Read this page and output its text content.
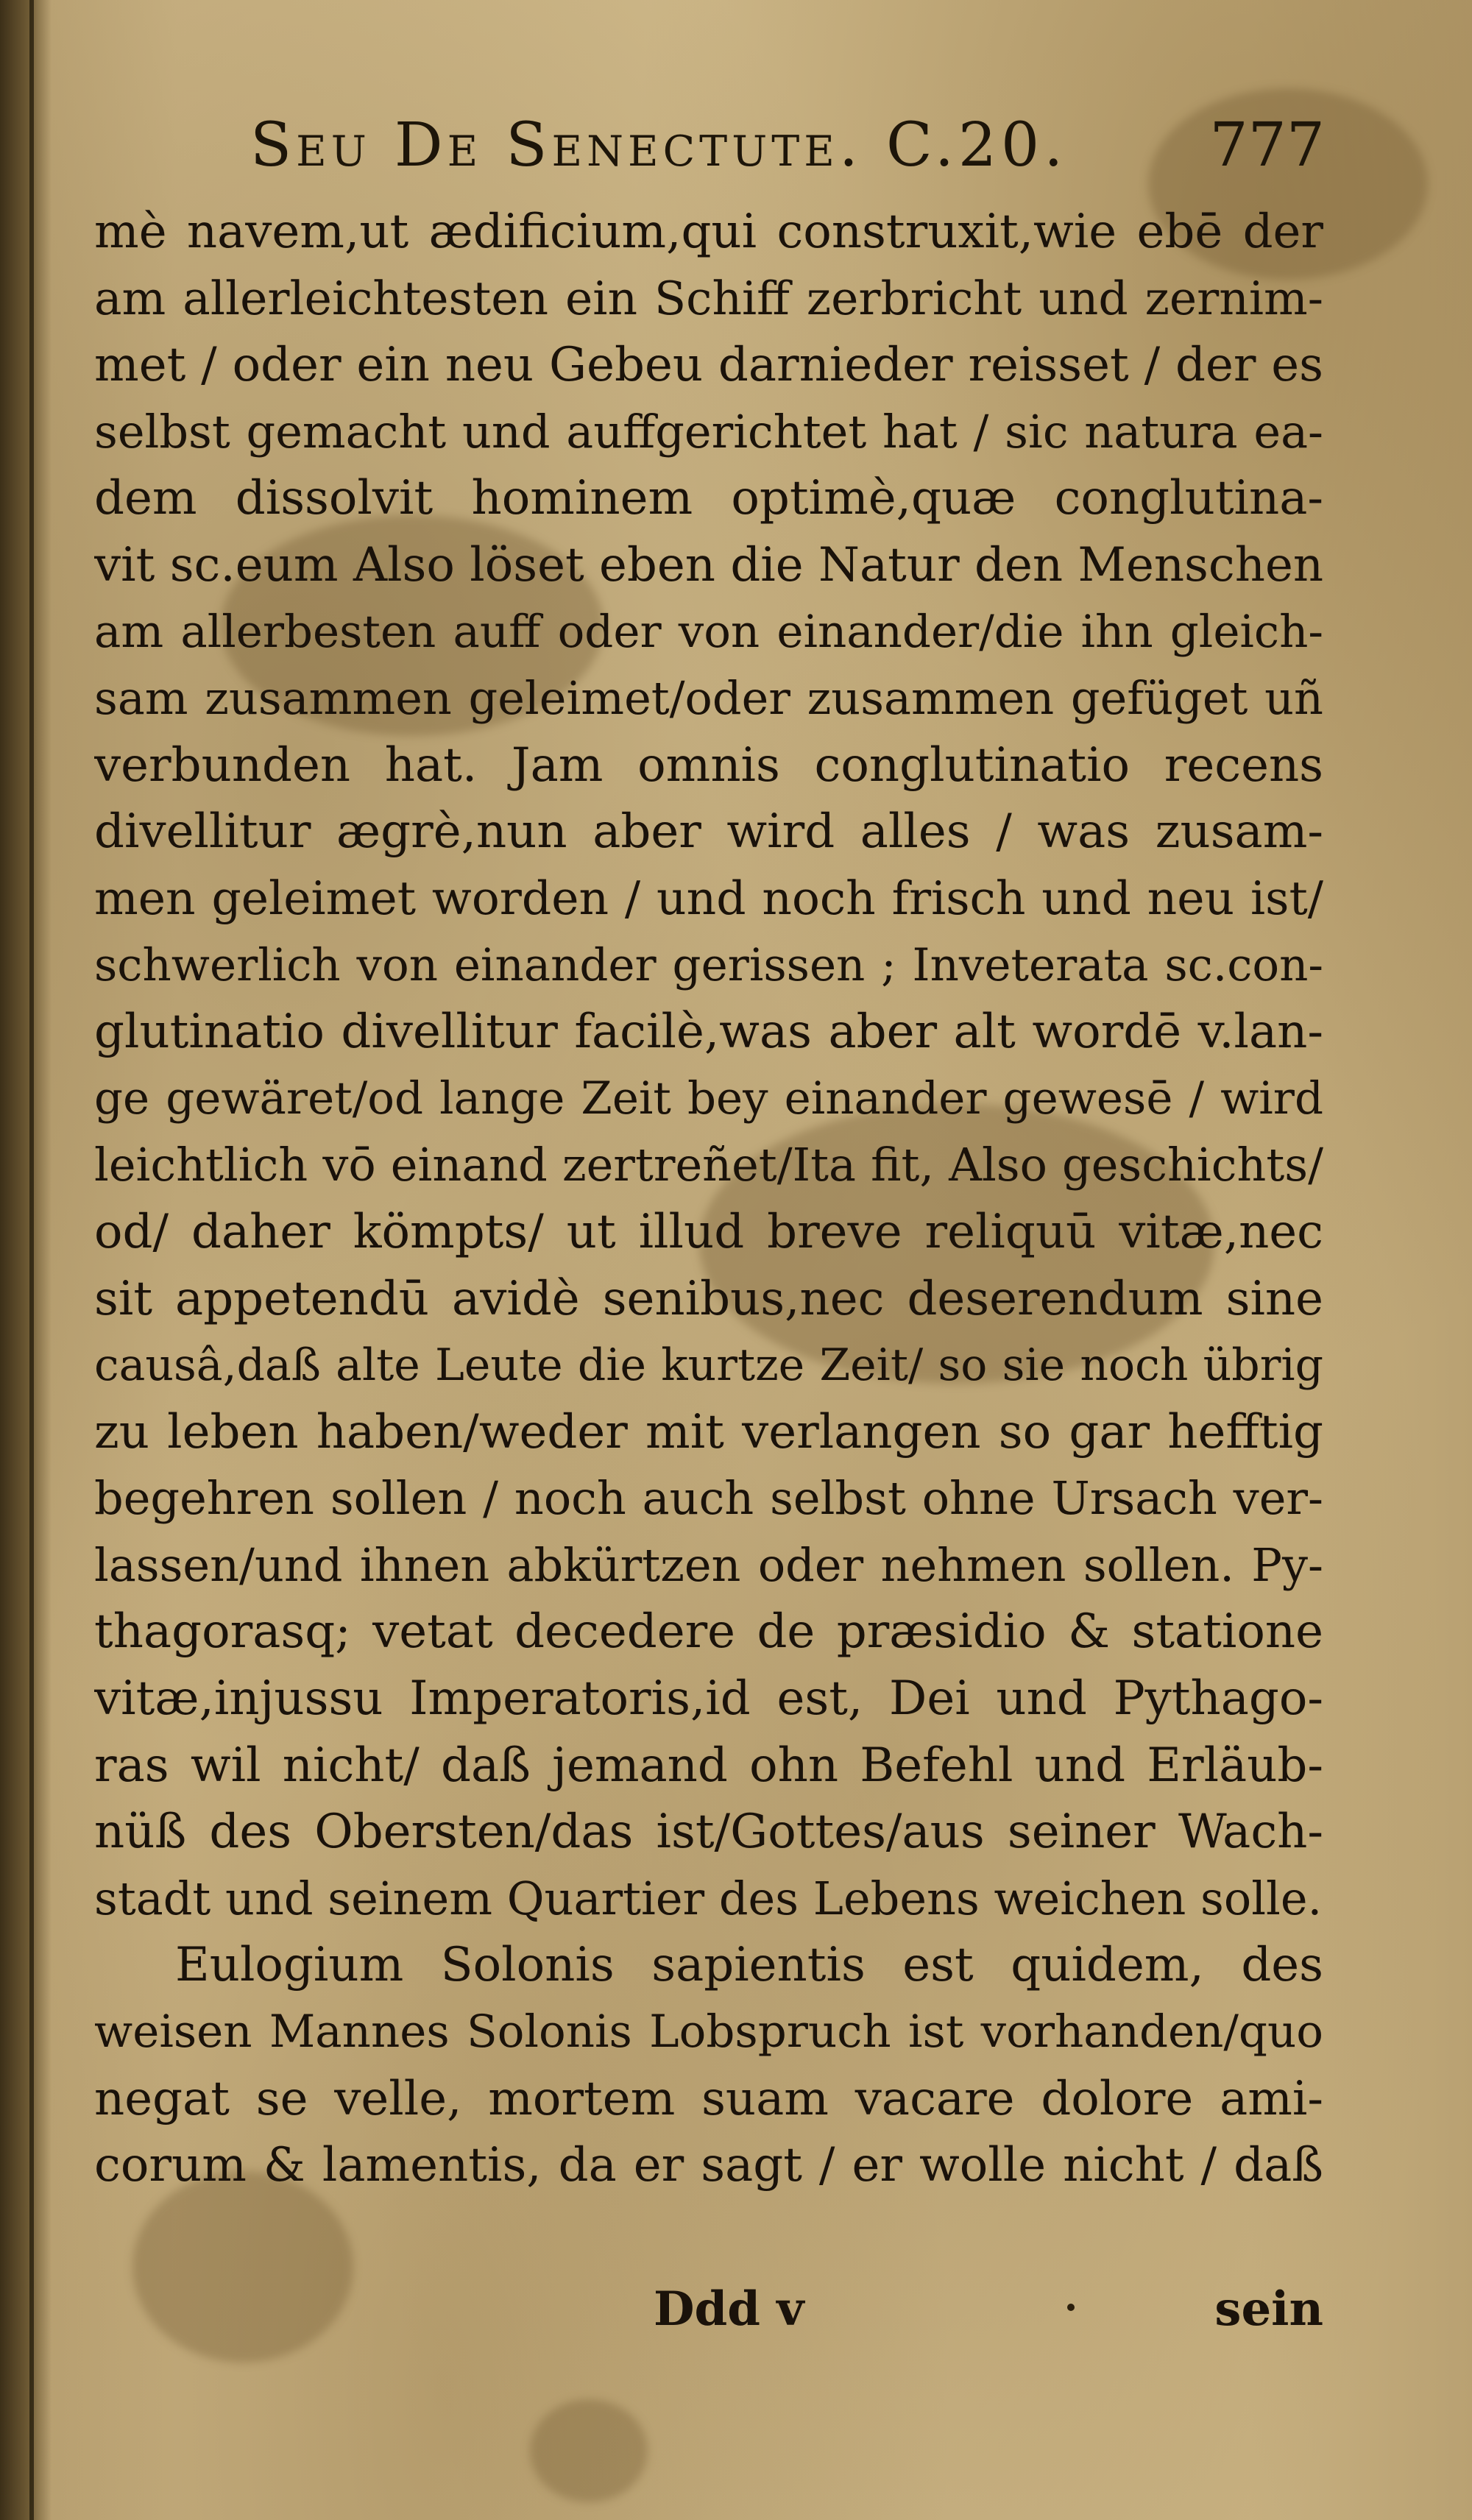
Seu De Senectute. C.20.	777
mè navem,ut ædificium,qui construxit,wie ebē der
am allerleichtesten ein Schiff zerbricht und zernim-
met / oder ein neu Gebeu darnieder reisset / der es
selbst gemacht und auffgerichtet hat / sic natura ea-
dem dissolvit hominem optimè,quæ conglutina-
vit sc.eum Also löset eben die Natur den Menschen
am allerbesten auff oder von einander/die ihn gleich-
sam zusammen geleimet/oder zusammen gefüget uñ
verbunden hat. Jam omnis conglutinatio recens
divellitur ægrè,nun aber wird alles / was zusam-
men geleimet worden / und noch frisch und neu ist/
schwerlich von einander gerissen ; Inveterata sc.con-
glutinatio divellitur facilè,was aber alt wordē v.lan-
ge gewäret/od lange Zeit bey einander gewesē / wird
leichtlich vō einand zertreñet/Ita fit, Also geschichts/
od/ daher kömpts/ ut illud breve reliquū vitæ,nec
sit appetendū avidè senibus,nec deserendum sine
causâ,daß alte Leute die kurtze Zeit/ so sie noch übrig
zu leben haben/weder mit verlangen so gar hefftig
begehren sollen / noch auch selbst ohne Ursach ver-
lassen/und ihnen abkürtzen oder nehmen sollen. Py-
thagorasq; vetat decedere de præsidio & statione
vitæ,injussu Imperatoris,id est, Dei und Pythago-
ras wil nicht/ daß jemand ohn Befehl und Erläub-
nüß des Obersten/das ist/Gottes/aus seiner Wach-
stadt und seinem Quartier des Lebens weichen solle.
Eulogium Solonis sapientis est quidem, des
weisen Mannes Solonis Lobspruch ist vorhanden/quo
negat se velle, mortem suam vacare dolore ami-
corum & lamentis, da er sagt / er wolle nicht / daß
Ddd v	sein
